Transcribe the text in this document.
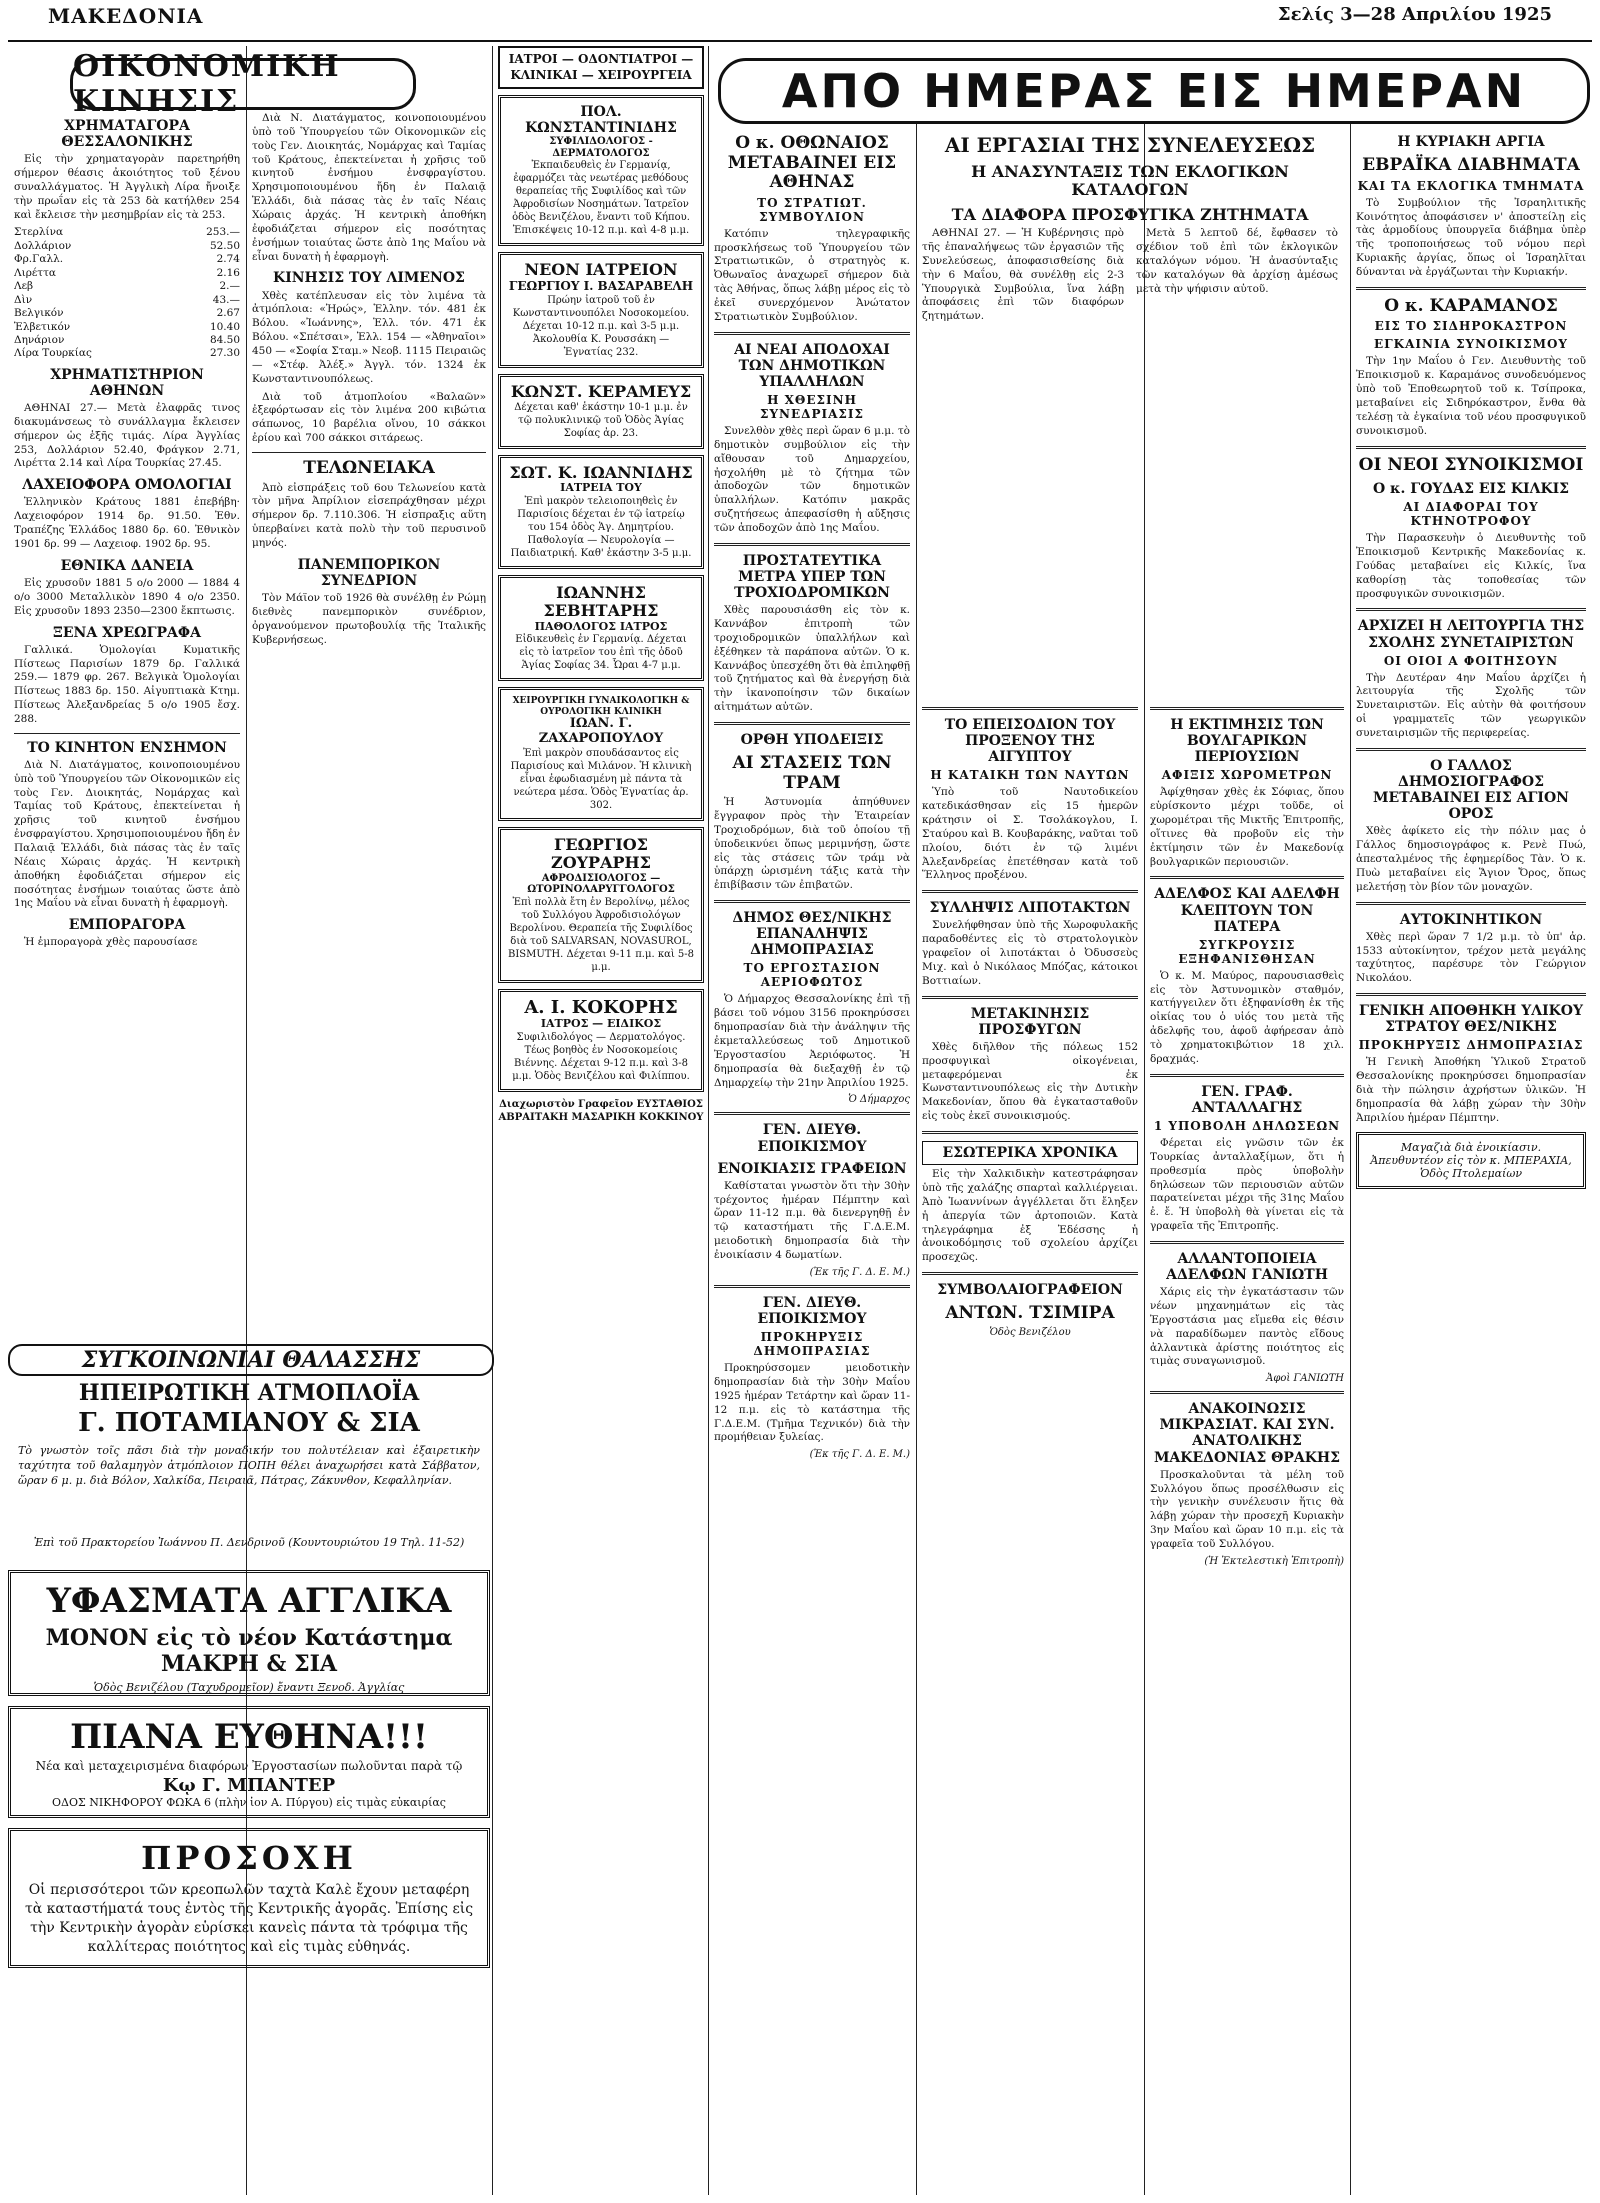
ΜΑΚΕΔΟΝΙΑ	Σελίς 3—28 Απριλίου 1925
ΟΙΚΟΝΟΜΙΚΗ ΚΙΝΗΣΙΣ	ΑΠΟ ΗΜΕΡΑΣ ΕΙΣ ΗΜΕΡΑΝ
ΧΡΗΜΑΤΑΓΟΡΑ ΘΕΣΣΑΛΟΝΙΚΗΣ

Εἰς τὴν χρηματαγορὰν παρετηρήθη σήμερον θέασις ἀκοιότητος τοῦ ξένου συναλλάγματος. Ἡ Ἀγγλικὴ Λίρα ἤνοιξε τὴν πρωΐαν εἰς τὰ 253 δὰ κατήλθεν 254 καὶ ἔκλεισε τὴν μεσημβρίαν εἰς τὰ 253.

Στερλίνα	253.—
Δολλάριον	52.50
Φρ.Γαλλ.	2.74
Λιρέττα	2.16
Λεβ	2.—
Δὶν	43.—
Βελγικόν	2.67
Ἑλβετικόν	10.40
Δηνάριον	84.50
Λίρα Τουρκίας	27.30
ΧΡΗΜΑΤΙΣΤΗΡΙΟΝ ΑΘΗΝΩΝ

ΑΘΗΝΑΙ 27.— Μετὰ ἐλαφρᾶς τινος διακυμάνσεως τὸ συνάλλαγμα ἔκλεισεν σήμερον ὡς ἑξῆς τιμάς. Λίρα Ἀγγλίας 253, Δολλάριον 52.40, Φράγκον 2.71, Λιρέττα 2.14 καὶ Λίρα Τουρκίας 27.45.

ΛΑΧΕΙΟΦΟΡΑ ΟΜΟΛΟΓΙΑΙ

Ἑλληνικὸν Κράτους 1881 ἐπεβήβη· Λαχειοφόρον 1914 δρ. 91.50. Ἐθν. Τραπέζης Ἑλλάδος 1880 δρ. 60. Ἐθνικὸν 1901 δρ. 99 — Λαχειοφ. 1902 δρ. 95.

ΕΘΝΙΚΑ ΔΑΝΕΙΑ

Εἰς χρυσοῦν 1881 5 ο/ο 2000 — 1884 4 ο/ο 3000 Μεταλλικὸν 1890 4 ο/ο 2350. Εἰς χρυσοῦν 1893 2350—2300 ἔκπτωσις.

ΞΕΝΑ ΧΡΕΩΓΡΑΦΑ

Γαλλικά. Ὁμολογίαι Κυματικῆς Πίστεως Παρισίων 1879 δρ. Γαλλικά 259.— 1879 φρ. 267. Βελγικὰ Ὁμολογίαι Πίστεως 1883 δρ. 150. Αἰγυπτιακὰ Κτημ. Πίστεως Ἀλεξανδρείας 5 ο/ο 1905 ἔσχ. 288.

ΤΟ ΚΙΝΗΤΟΝ ΕΝΣΗΜΟΝ

Διὰ Ν. Διατάγματος, κοινοποιουμένου ὑπὸ τοῦ Ὑπουργείου τῶν Οἰκονομικῶν εἰς τοὺς Γεν. Διοικητάς, Νομάρχας καὶ Ταμίας τοῦ Κράτους, ἐπεκτείνεται ἡ χρῆσις τοῦ κινητοῦ ἐνσήμου ἐνσφραγίστου. Χρησιμοποιουμένου ἤδη ἐν Παλαιᾷ Ἑλλάδι, διὰ πάσας τὰς ἐν ταῖς Νέαις Χώραις ἀρχάς. Ἡ κεντρικὴ ἀποθήκη ἐφοδιάζεται σήμερον εἰς ποσότητας ἐνσήμων τοιαύτας ὥστε ἀπὸ 1ης Μαΐου νὰ εἶναι δυνατὴ ἡ ἐφαρμογὴ.

ΕΜΠΟΡΑΓΟΡΑ

Ἡ ἐμποραγορὰ χθὲς παρουσίασε

Διὰ Ν. Διατάγματος, κοινοποιουμένου ὑπὸ τοῦ Ὑπουργείου τῶν Οἰκονομικῶν εἰς τοὺς Γεν. Διοικητάς, Νομάρχας καὶ Ταμίας τοῦ Κράτους, ἐπεκτείνεται ἡ χρῆσις τοῦ κινητοῦ ἐνσήμου ἐνσφραγίστου. Χρησιμοποιουμένου ἤδη ἐν Παλαιᾷ Ἑλλάδι, διὰ πάσας τὰς ἐν ταῖς Νέαις Χώραις ἀρχάς. Ἡ κεντρικὴ ἀποθήκη ἐφοδιάζεται σήμερον εἰς ποσότητας ἐνσήμων τοιαύτας ὥστε ἀπὸ 1ης Μαΐου νὰ εἶναι δυνατὴ ἡ ἐφαρμογὴ.

ΚΙΝΗΣΙΣ ΤΟΥ ΛΙΜΕΝΟΣ

Χθὲς κατέπλευσαν εἰς τὸν λιμένα τὰ ἀτμόπλοια: «Ἠρώς», Ἑλλην. τόν. 481 ἐκ Βόλου. «Ἰωάννης», Ἑλλ. τόν. 471 ἐκ Βόλου. «Σπέτσαι», Ἑλλ. 154 — «Ἀθηναῖοι» 450 — «Σοφία Σταμ.» Νεοβ. 1115 Πειραιῶς — «Στέφ. Ἀλέξ.» Ἀγγλ. τόν. 1324 ἐκ Κωνσταντινουπόλεως.

Διὰ τοῦ ἀτμοπλοίου «Βαλαῶν» ἐξεφόρτωσαν εἰς τὸν λιμένα 200 κιβώτια σάπωνος, 10 βαρέλια οἴνου, 10 σάκκοι ἐρίου καὶ 700 σάκκοι σιτάρεως.

ΤΕΛΩΝΕΙΑΚΑ

Ἀπὸ εἰσπράξεις τοῦ 6ου Τελωνείου κατὰ τὸν μῆνα Ἀπρίλιον εἰσεπράχθησαν μέχρι σήμερον δρ. 7.110.306. Ἡ εἰσπραξις αὕτη ὑπερβαίνει κατὰ πολὺ τὴν τοῦ περυσινοῦ μηνός.

ΠΑΝΕΜΠΟΡΙΚΟΝ ΣΥΝΕΔΡΙΟΝ

Τὸν Μάϊον τοῦ 1926 θὰ συνέλθῃ ἐν Ρώμῃ διεθνὲς πανεμπορικὸν συνέδριον, ὀργανούμενον πρωτοβουλίᾳ τῆς Ἰταλικῆς Κυβερνήσεως.

ΣΥΓΚΟΙΝΩΝΙΑΙ ΘΑΛΑΣΣΗΣ
ΗΠΕΙΡΩΤΙΚΗ ΑΤΜΟΠΛΟΪΑ
Γ. ΠΟΤΑΜΙΑΝΟΥ & ΣΙΑ
Τὸ γνωστὸν τοῖς πᾶσι διὰ τὴν μοναδικήν του πολυτέλειαν καὶ ἐξαιρετικὴν ταχύτητα τοῦ θαλαμηγὸν ἀτμόπλοιον ΠΟΠΗ θέλει ἀναχωρήσει κατὰ Σάββατον, ὥραν 6 μ. μ. διὰ Βόλον, Χαλκίδα, Πειραιᾶ, Πάτρας, Ζάκυνθον, Κεφαλληνίαν.
Ἐπὶ τοῦ Πρακτορείου Ἰωάννου Π. Δενδρινοῦ (Κουντουριώτου 19 Τηλ. 11-52)
ΥΦΑΣΜΑΤΑ ΑΓΓΛΙΚΑ
ΜΟΝΟΝ εἰς τὸ νέον Κατάστημα ΜΑΚΡΗ & ΣΙΑ
Ὁδὸς Βενιζέλου (Ταχυδρομεῖον) ἔναντι Ξενοδ. Ἀγγλίας
ΠΙΑΝΑ ΕΥΘΗΝΑ!!!
Νέα καὶ μεταχειρισμένα διαφόρων Ἐργοστασίων πωλοῦνται παρὰ τῷ
Κῳ Γ. ΜΠΑΝΤΕΡ
ΟΔΟΣ ΝΙΚΗΦΟΡΟΥ ΦΩΚΑ 6 (πλὴν ἰον Α. Πύργου) εἰς τιμὰς εὐκαιρίας
ΠΡΟΣΟΧΗ
Οἱ περισσότεροι τῶν κρεοπωλῶν ταχτὰ Καλὲ ἔχουν μεταφέρη τὰ καταστήματά τους ἐντὸς τῆς Κεντρικῆς ἀγορᾶς. Ἐπίσης εἰς τὴν Κεντρικὴν ἀγορὰν εὑρίσκει κανεὶς πάντα τὰ τρόφιμα τῆς καλλίτερας ποιότητος καὶ εἰς τιμὰς εὐθηνάς.
ΙΑΤΡΟΙ — ΟΔΟΝΤΙΑΤΡΟΙ — ΚΛΙΝΙΚΑΙ — ΧΕΙΡΟΥΡΓΕΙΑ
ΠΟΛ. ΚΩΝΣΤΑΝΤΙΝΙΔΗΣ
ΣΥΦΙΛΙΔΟΛΟΓΟΣ - ΔΕΡΜΑΤΟΛΟΓΟΣ
Ἐκπαιδευθεὶς ἐν Γερμανίᾳ, ἐφαρμόζει τὰς νεωτέρας μεθόδους θεραπείας τῆς Συφιλίδος καὶ τῶν Ἀφροδισίων Νοσημάτων. Ἰατρεῖον ὁδὸς Βενιζέλου, ἔναντι τοῦ Κήπου. Ἐπισκέψεις 10-12 π.μ. καὶ 4-8 μ.μ.
ΝΕΟΝ ΙΑΤΡΕΙΟΝ
ΓΕΩΡΓΙΟΥ Ι. ΒΑΣΑΡΑΒΕΛΗ
Πρώην ἰατροῦ τοῦ ἐν Κωνσταντινουπόλει Νοσοκομείου. Δέχεται 10-12 π.μ. καὶ 3-5 μ.μ. Ἀκολουθία Κ. Ρουσσάκη — Ἐγνατίας 232.
ΚΩΝΣΤ. ΚΕΡΑΜΕΥΣ
Δέχεται καθ' ἑκάστην 10-1 μ.μ. ἐν τῷ πολυκλινικῷ τοῦ Ὁδὸς Ἁγίας Σοφίας ἀρ. 23.
ΣΩΤ. Κ. ΙΩΑΝΝΙΔΗΣ
ΙΑΤΡΕΙΑ ΤΟΥ
Ἐπὶ μακρὸν τελειοποιηθεὶς ἐν Παρισίοις δέχεται ἐν τῷ ἰατρείῳ του 154 ὁδὸς Ἁγ. Δημητρίου. Παθολογία — Νευρολογία — Παιδιατρική. Καθ' ἑκάστην 3-5 μ.μ.
ΙΩΑΝΝΗΣ ΣΕΒΗΤΑΡΗΣ
ΠΑΘΟΛΟΓΟΣ ΙΑΤΡΟΣ
Εἰδικευθεὶς ἐν Γερμανίᾳ. Δέχεται εἰς τὸ ἰατρεῖον του ἐπὶ τῆς ὁδοῦ Ἁγίας Σοφίας 34. Ὧραι 4-7 μ.μ.
ΧΕΙΡΟΥΡΓΙΚΗ ΓΥΝΑΙΚΟΛΟΓΙΚΗ & ΟΥΡΟΛΟΓΙΚΗ ΚΛΙΝΙΚΗ
ΙΩΑΝ. Γ. ΖΑΧΑΡΟΠΟΥΛΟΥ
Ἐπὶ μακρὸν σπουδάσαντος εἰς Παρισίους καὶ Μιλάνον. Ἡ κλινικὴ εἶναι ἐφωδιασμένη μὲ πάντα τὰ νεώτερα μέσα. Ὁδὸς Ἐγνατίας ἀρ. 302.
ΓΕΩΡΓΙΟΣ ΖΟΥΡΑΡΗΣ
ΑΦΡΟΔΙΣΙΟΛΟΓΟΣ — ΩΤΟΡΙΝΟΛΑΡΥΓΓΟΛΟΓΟΣ
Ἐπὶ πολλὰ ἔτη ἐν Βερολίνῳ, μέλος τοῦ Συλλόγου Ἀφροδισιολόγων Βερολίνου. Θεραπεία τῆς Συφιλίδος διὰ τοῦ SALVARSAN, NOVASUROL, BISMUTH. Δέχεται 9-11 π.μ. καὶ 5-8 μ.μ.
Α. Ι. ΚΟΚΟΡΗΣ
ΙΑΤΡΟΣ — ΕΙΔΙΚΟΣ
Συφιλιδολόγος — Δερματολόγος. Τέως βοηθὸς ἐν Νοσοκομείοις Βιέννης. Δέχεται 9-12 π.μ. καὶ 3-8 μ.μ. Ὁδὸς Βενιζέλου καὶ Φιλίππου.
Διαχωριστὸν Γραφεῖον ΕΥΣΤΑΘΙΟΣ ΑΒΡΑΙΤΑΚΗ ΜΑΣΑΡΙΚΗ ΚΟΚΚΙΝΟΥ
Ο κ. ΟΘΩΝΑΙΟΣ ΜΕΤΑΒΑΙΝΕΙ ΕΙΣ ΑΘΗΝΑΣ
ΤΟ ΣΤΡΑΤΙΩΤ. ΣΥΜΒΟΥΛΙΟΝ

Κατόπιν τηλεγραφικῆς προσκλήσεως τοῦ Ὑπουργείου τῶν Στρατιωτικῶν, ὁ στρατηγὸς κ. Ὀθωναῖος ἀναχωρεῖ σήμερον διὰ τὰς Ἀθήνας, ὅπως λάβῃ μέρος εἰς τὸ ἐκεῖ συνερχόμενον Ἀνώτατον Στρατιωτικὸν Συμβούλιον.

ΑΙ ΝΕΑΙ ΑΠΟΔΟΧΑΙ ΤΩΝ ΔΗΜΟΤΙΚΩΝ ΥΠΑΛΛΗΛΩΝ
Η ΧΘΕΣΙΝΗ ΣΥΝΕΔΡΙΑΣΙΣ

Συνελθὸν χθὲς περὶ ὥραν 6 μ.μ. τὸ δημοτικὸν συμβούλιον εἰς τὴν αἴθουσαν τοῦ Δημαρχείου, ἠσχολήθη μὲ τὸ ζήτημα τῶν ἀποδοχῶν τῶν δημοτικῶν ὑπαλλήλων. Κατόπιν μακρᾶς συζητήσεως ἀπεφασίσθη ἡ αὔξησις τῶν ἀποδοχῶν ἀπὸ 1ης Μαΐου.

ΠΡΟΣΤΑΤΕΥΤΙΚΑ ΜΕΤΡΑ ΥΠΕΡ ΤΩΝ ΤΡΟΧΙΟΔΡΟΜΙΚΩΝ

Χθὲς παρουσιάσθη εἰς τὸν κ. Καννάβον ἐπιτροπὴ τῶν τροχιοδρομικῶν ὑπαλλήλων καὶ ἐξέθηκεν τὰ παράπονα αὐτῶν. Ὁ κ. Καννάβος ὑπεσχέθη ὅτι θὰ ἐπιληφθῇ τοῦ ζητήματος καὶ θὰ ἐνεργήσῃ διὰ τὴν ἱκανοποίησιν τῶν δικαίων αἰτημάτων αὐτῶν.

ΟΡΘΗ ΥΠΟΔΕΙΞΙΣ
ΑΙ ΣΤΑΣΕΙΣ ΤΩΝ ΤΡΑΜ

Ἡ Ἀστυνομία ἀπηύθυνεν ἔγγραφον πρὸς τὴν Ἑταιρείαν Τροχιοδρόμων, διὰ τοῦ ὁποίου τῇ ὑποδεικνύει ὅπως μεριμνήσῃ, ὥστε εἰς τὰς στάσεις τῶν τράμ νὰ ὑπάρχῃ ὡρισμένη τάξις κατὰ τὴν ἐπιβίβασιν τῶν ἐπιβατῶν.

ΔΗΜΟΣ ΘΕΣ/ΝΙΚΗΣ ΕΠΑΝΑΛΗΨΙΣ ΔΗΜΟΠΡΑΣΙΑΣ
ΤΟ ΕΡΓΟΣΤΑΣΙΟΝ ΑΕΡΙΟΦΩΤΟΣ

Ὁ Δήμαρχος Θεσσαλονίκης ἐπὶ τῇ βάσει τοῦ νόμου 3156 προκηρύσσει δημοπρασίαν διὰ τὴν ἀνάληψιν τῆς ἐκμεταλλεύσεως τοῦ Δημοτικοῦ Ἐργοστασίου Ἀεριόφωτος. Ἡ δημοπρασία θὰ διεξαχθῇ ἐν τῷ Δημαρχείῳ τὴν 21ην Ἀπριλίου 1925.

Ὁ Δήμαρχος
ΓΕΝ. ΔΙΕΥΘ. ΕΠΟΙΚΙΣΜΟΥ
ΕΝΟΙΚΙΑΣΙΣ ΓΡΑΦΕΙΩΝ

Καθίσταται γνωστὸν ὅτι τὴν 30ὴν τρέχοντος ἡμέραν Πέμπτην καὶ ὥραν 11-12 π.μ. θὰ διενεργηθῇ ἐν τῷ καταστήματι τῆς Γ.Δ.Ε.Μ. μειοδοτικὴ δημοπρασία διὰ τὴν ἐνοικίασιν 4 δωματίων.

(Ἐκ τῆς Γ. Δ. Ε. Μ.)
ΓΕΝ. ΔΙΕΥΘ. ΕΠΟΙΚΙΣΜΟΥ
ΠΡΟΚΗΡΥΞΙΣ ΔΗΜΟΠΡΑΣΙΑΣ

Προκηρύσσομεν μειοδοτικὴν δημοπρασίαν διὰ τὴν 30ὴν Μαΐου 1925 ἡμέραν Τετάρτην καὶ ὥραν 11-12 π.μ. εἰς τὸ κατάστημα τῆς Γ.Δ.Ε.Μ. (Τμῆμα Τεχνικόν) διὰ τὴν προμήθειαν ξυλείας.

(Ἐκ τῆς Γ. Δ. Ε. Μ.)
ΑΙ ΕΡΓΑΣΙΑΙ ΤΗΣ ΣΥΝΕΛΕΥΣΕΩΣ
Η ΑΝΑΣΥΝΤΑΞΙΣ ΤΩΝ ΕΚΛΟΓΙΚΩΝ ΚΑΤΑΛΟΓΩΝ
ΤΑ ΔΙΑΦΟΡΑ ΠΡΟΣΦΥΓΙΚΑ ΖΗΤΗΜΑΤΑ

ΑΘΗΝΑΙ 27. — Ἡ Κυβέρνησις πρὸ τῆς ἐπαναλήψεως τῶν ἐργασιῶν τῆς Συνελεύσεως, ἀποφασισθείσης διὰ τὴν 6 Μαΐου, θὰ συνέλθῃ εἰς 2-3 Ὑπουργικὰ Συμβούλια, ἵνα λάβῃ ἀποφάσεις ἐπὶ τῶν διαφόρων ζητημάτων.

Μετὰ 5 λεπτοῦ δέ, ἔφθασεν τὸ σχέδιον τοῦ ἐπὶ τῶν ἐκλογικῶν καταλόγων νόμου. Ἡ ἀνασύνταξις τῶν καταλόγων θὰ ἀρχίσῃ ἀμέσως μετὰ τὴν ψήφισιν αὐτοῦ.

ΤΟ ΕΠΕΙΣΟΔΙΟΝ ΤΟΥ ΠΡΟΞΕΝΟΥ ΤΗΣ ΑΙΓΥΠΤΟΥ
Η ΚΑΤΑΙΚΗ ΤΩΝ ΝΑΥΤΩΝ

Ὑπὸ τοῦ Ναυτοδικείου κατεδικάσθησαν εἰς 15 ἡμερῶν κράτησιν οἱ Σ. Τσολάκογλου, Ι. Σταύρου καὶ Β. Κουβαράκης, ναῦται τοῦ πλοίου, διότι ἐν τῷ λιμένι Ἀλεξανδρείας ἐπετέθησαν κατὰ τοῦ Ἕλληνος προξένου.

ΣΥΛΛΗΨΙΣ ΛΙΠΟΤΑΚΤΩΝ

Συνελήφθησαν ὑπὸ τῆς Χωροφυλακῆς παραδοθέντες εἰς τὸ στρατολογικὸν γραφεῖον οἱ λιποτάκται ὁ Ὀδυσσεὺς Μιχ. καὶ ὁ Νικόλαος Μπόζας, κάτοικοι Βοττιαίων.

ΜΕΤΑΚΙΝΗΣΙΣ ΠΡΟΣΦΥΓΩΝ

Χθὲς διῆλθον τῆς πόλεως 152 προσφυγικαὶ οἰκογένειαι, μεταφερόμεναι ἐκ Κωνσταντινουπόλεως εἰς τὴν Δυτικὴν Μακεδονίαν, ὅπου θὰ ἐγκατασταθοῦν εἰς τοὺς ἐκεῖ συνοικισμούς.

ΕΣΩΤΕΡΙΚΑ ΧΡΟΝΙΚΑ

Εἰς τὴν Χαλκιδικὴν κατεστράφησαν ὑπὸ τῆς χαλάζης σπαρταὶ καλλιέργειαι. Ἀπὸ Ἰωαννίνων ἀγγέλλεται ὅτι ἔληξεν ἡ ἀπεργία τῶν ἀρτοποιῶν. Κατὰ τηλεγράφημα ἐξ Ἐδέσσης ἡ ἀνοικοδόμησις τοῦ σχολείου ἀρχίζει προσεχῶς.

ΣΥΜΒΟΛΑΙΟΓΡΑΦΕΙΟΝ
ΑΝΤΩΝ. ΤΣΙΜΙΡΑ
Ὁδὸς Βενιζέλου
Η ΕΚΤΙΜΗΣΙΣ ΤΩΝ ΒΟΥΛΓΑΡΙΚΩΝ ΠΕΡΙΟΥΣΙΩΝ
ΑΦΙΞΙΣ ΧΩΡΟΜΕΤΡΩΝ

Ἀφίχθησαν χθὲς ἐκ Σόφιας, ὅπου εὑρίσκοντο μέχρι τοῦδε, οἱ χωρομέτραι τῆς Μικτῆς Ἐπιτροπῆς, οἵτινες θὰ προβοῦν εἰς τὴν ἐκτίμησιν τῶν ἐν Μακεδονίᾳ βουλγαρικῶν περιουσιῶν.

ΑΔΕΛΦΟΣ ΚΑΙ ΑΔΕΛΦΗ ΚΛΕΠΤΟΥΝ ΤΟΝ ΠΑΤΕΡΑ
ΣΥΓΚΡΟΥΣΙΣ ΕΞΗΦΑΝΙΣΘΗΣΑΝ

Ὁ κ. Μ. Μαύρος, παρουσιασθεὶς εἰς τὸν Ἀστυνομικὸν σταθμόν, κατήγγειλεν ὅτι ἐξηφανίσθη ἐκ τῆς οἰκίας του ὁ υἱός του μετὰ τῆς ἀδελφῆς του, ἀφοῦ ἀφήρεσαν ἀπὸ τὸ χρηματοκιβώτιον 18 χιλ. δραχμάς.

ΓΕΝ. ΓΡΑΦ. ΑΝΤΑΛΛΑΓΗΣ
1 ΥΠΟΒΟΛΗ ΔΗΛΩΣΕΩΝ

Φέρεται εἰς γνῶσιν τῶν ἐκ Τουρκίας ἀνταλλαξίμων, ὅτι ἡ προθεσμία πρὸς ὑποβολὴν δηλώσεων τῶν περιουσιῶν αὐτῶν παρατείνεται μέχρι τῆς 31ης Μαΐου ἐ. ἔ. Ἡ ὑποβολὴ θὰ γίνεται εἰς τὰ γραφεῖα τῆς Ἐπιτροπῆς.

ΑΛΛΑΝΤΟΠΟΙΕΙΑ ΑΔΕΛΦΩΝ ΓΑΝΙΩΤΗ

Χάρις εἰς τὴν ἐγκατάστασιν τῶν νέων μηχανημάτων εἰς τὰς Ἐργοστάσια μας εἴμεθα εἰς θέσιν νὰ παραδίδωμεν παντὸς εἴδους ἀλλαντικὰ ἀρίστης ποιότητος εἰς τιμὰς συναγωνισμοῦ.

Ἀφοὶ ΓΑΝΙΩΤΗ
ΑΝΑΚΟΙΝΩΣΙΣ ΜΙΚΡΑΣΙΑΤ. ΚΑΙ ΣΥΝ. ΑΝΑΤΟΛΙΚΗΣ ΜΑΚΕΔΟΝΙΑΣ ΘΡΑΚΗΣ

Προσκαλοῦνται τὰ μέλη τοῦ Συλλόγου ὅπως προσέλθωσιν εἰς τὴν γενικὴν συνέλευσιν ἥτις θὰ λάβῃ χώραν τὴν προσεχῆ Κυριακὴν 3ην Μαΐου καὶ ὥραν 10 π.μ. εἰς τὰ γραφεῖα τοῦ Συλλόγου.

(Ἡ Ἐκτελεστικὴ Ἐπιτροπὴ)
Η ΚΥΡΙΑΚΗ ΑΡΓΙΑ
ΕΒΡΑΪΚΑ ΔΙΑΒΗΜΑΤΑ
ΚΑΙ ΤΑ ΕΚΛΟΓΙΚΑ ΤΜΗΜΑΤΑ

Τὸ Συμβούλιον τῆς Ἰσραηλιτικῆς Κοινότητος ἀποφάσισεν ν' ἀποστείλῃ εἰς τὰς ἁρμοδίους ὑπουργεῖα διάβημα ὑπὲρ τῆς τροποποιήσεως τοῦ νόμου περὶ Κυριακῆς ἀργίας, ὅπως οἱ Ἰσραηλῖται δύνανται νὰ ἐργάζωνται τὴν Κυριακήν.

Ο κ. ΚΑΡΑΜΑΝΟΣ
ΕΙΣ ΤΟ ΣΙΔΗΡΟΚΑΣΤΡΟΝ
ΕΓΚΑΙΝΙΑ ΣΥΝΟΙΚΙΣΜΟΥ

Τὴν 1ην Μαΐου ὁ Γεν. Διευθυντὴς τοῦ Ἐποικισμοῦ κ. Καραμάνος συνοδευόμενος ὑπὸ τοῦ Ἐποθεωρητοῦ τοῦ κ. Τσίπροκα, μεταβαίνει εἰς Σιδηρόκαστρον, ἔνθα θὰ τελέσῃ τὰ ἐγκαίνια τοῦ νέου προσφυγικοῦ συνοικισμοῦ.

ΟΙ ΝΕΟΙ ΣΥΝΟΙΚΙΣΜΟΙ
Ο κ. ΓΟΥΔΑΣ ΕΙΣ ΚΙΛΚΙΣ
ΑΙ ΔΙΑΦΟΡΑΙ ΤΟΥ ΚΤΗΝΟΤΡΟΦΟΥ

Τὴν Παρασκευὴν ὁ Διευθυντὴς τοῦ Ἐποικισμοῦ Κεντρικῆς Μακεδονίας κ. Γούδας μεταβαίνει εἰς Κιλκίς, ἵνα καθορίσῃ τὰς τοποθεσίας τῶν προσφυγικῶν συνοικισμῶν.

ΑΡΧΙΖΕΙ Η ΛΕΙΤΟΥΡΓΙΑ ΤΗΣ ΣΧΟΛΗΣ ΣΥΝΕΤΑΙΡΙΣΤΩΝ
ΟΙ ΟΙΟΙ Α ΦΟΙΤΗΣΟΥΝ

Τὴν Δευτέραν 4ην Μαΐου ἀρχίζει ἡ λειτουργία τῆς Σχολῆς τῶν Συνεταιριστῶν. Εἰς αὐτὴν θὰ φοιτήσουν οἱ γραμματεῖς τῶν γεωργικῶν συνεταιρισμῶν τῆς περιφερείας.

Ο ΓΑΛΛΟΣ ΔΗΜΟΣΙΟΓΡΑΦΟΣ ΜΕΤΑΒΑΙΝΕΙ ΕΙΣ ΑΓΙΟΝ ΟΡΟΣ

Χθὲς ἀφίκετο εἰς τὴν πόλιν μας ὁ Γάλλος δημοσιογράφος κ. Ρενὲ Πυώ, ἀπεσταλμένος τῆς ἐφημερίδος Τὰν. Ὁ κ. Πυὼ μεταβαίνει εἰς Ἅγιον Ὄρος, ὅπως μελετήσῃ τὸν βίον τῶν μοναχῶν.

ΑΥΤΟΚΙΝΗΤΙΚΟΝ

Χθὲς περὶ ὥραν 7 1/2 μ.μ. τὸ ὑπ' ἀρ. 1533 αὐτοκίνητον, τρέχον μετὰ μεγάλης ταχύτητος, παρέσυρε τὸν Γεώργιον Νικολάου.

ΓΕΝΙΚΗ ΑΠΟΘΗΚΗ ΥΛΙΚΟΥ ΣΤΡΑΤΟΥ ΘΕΣ/ΝΙΚΗΣ
ΠΡΟΚΗΡΥΞΙΣ ΔΗΜΟΠΡΑΣΙΑΣ

Ἡ Γενικὴ Ἀποθήκη Ὑλικοῦ Στρατοῦ Θεσσαλονίκης προκηρύσσει δημοπρασίαν διὰ τὴν πώλησιν ἀχρήστων ὑλικῶν. Ἡ δημοπρασία θὰ λάβῃ χώραν τὴν 30ὴν Ἀπριλίου ἡμέραν Πέμπτην.

Μαγαζιὰ διὰ ἐνοικίασιν. Ἀπευθυντέον εἰς τὸν κ. ΜΠΕΡΑΧΙΑ, Ὁδὸς Πτολεμαίων
